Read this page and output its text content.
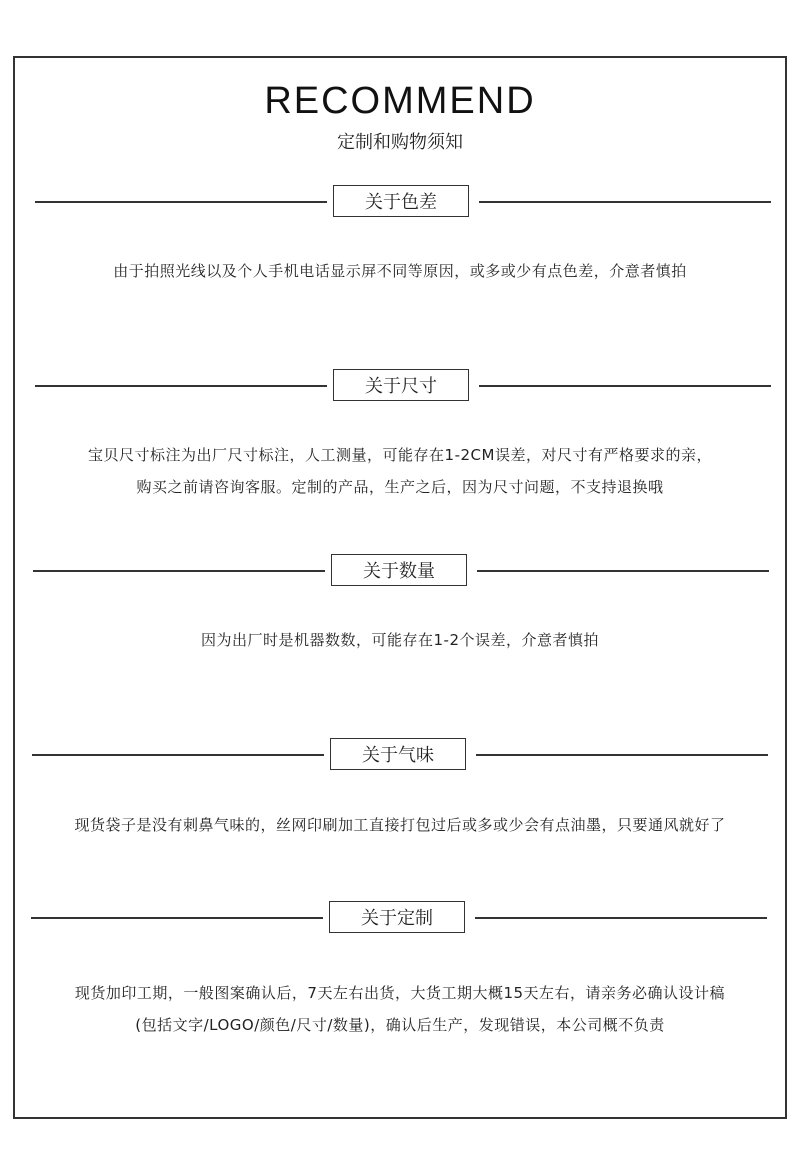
RECOMMEND
定制和购物须知
关于色差

由于拍照光线以及个人手机电话显示屏不同等原因，或多或少有点色差，介意者慎拍

关于尺寸

宝贝尺寸标注为出厂尺寸标注，人工测量，可能存在1-2CM误差，对尺寸有严格要求的亲，

购买之前请咨询客服。定制的产品，生产之后，因为尺寸问题，不支持退换哦

关于数量

因为出厂时是机器数数，可能存在1-2个误差，介意者慎拍

关于气味

现货袋子是没有刺鼻气味的，丝网印刷加工直接打包过后或多或少会有点油墨，只要通风就好了

关于定制

现货加印工期，一般图案确认后，7天左右出货，大货工期大概15天左右，请亲务必确认设计稿

(包括文字/LOGO/颜色/尺寸/数量)，确认后生产，发现错误，本公司概不负责
